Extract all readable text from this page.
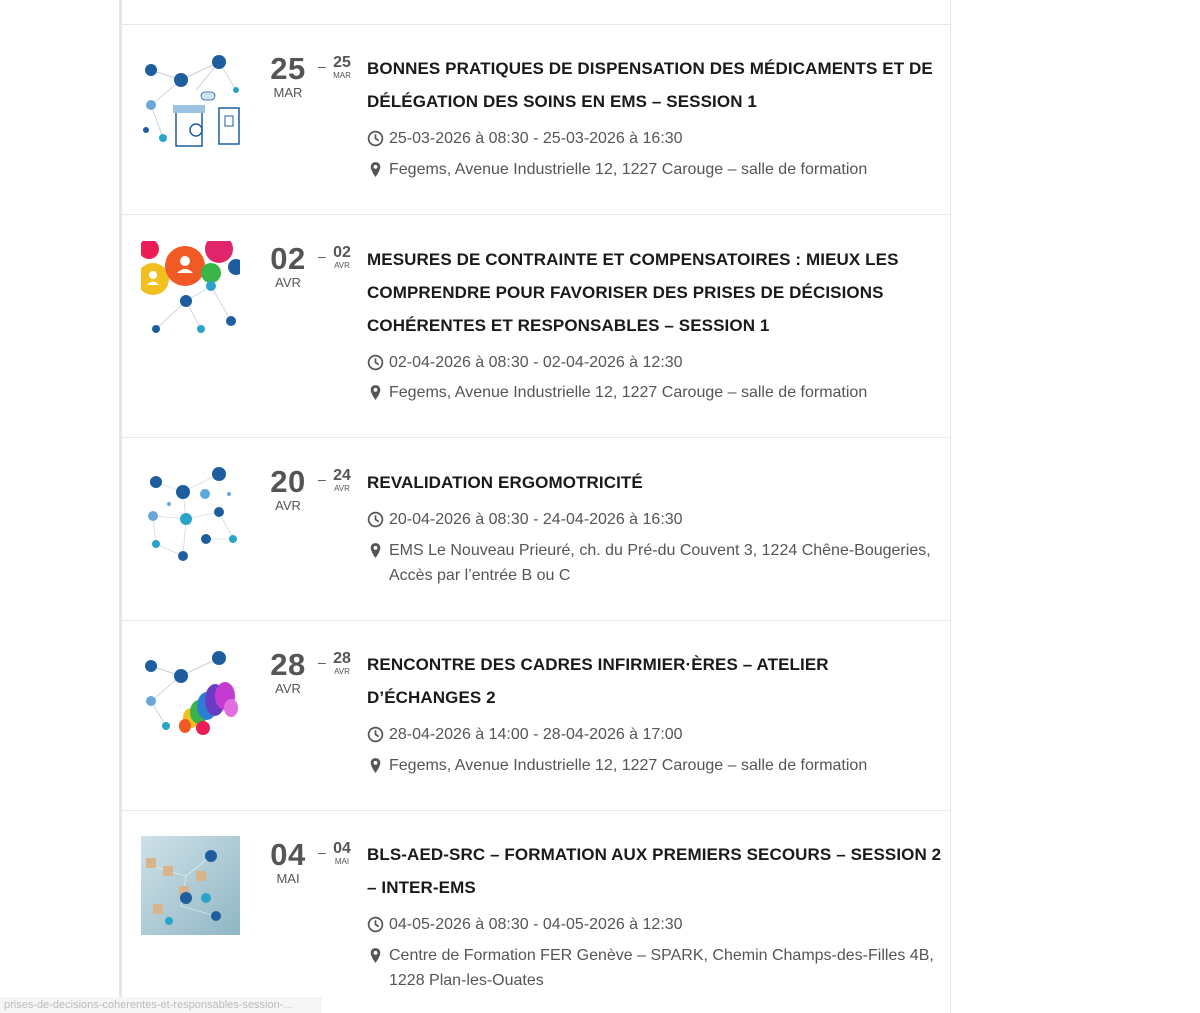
25
MAR
– 25
MAR BONNES PRATIQUES DE DISPENSATION DES MÉDICAMENTS ET DE DÉLÉGATION DES SOINS EN EMS – SESSION 1
25-03-2026 à 08:30 - 25-03-2026 à 16:30
Fegems, Avenue Industrielle 12, 1227 Carouge – salle de formation
02
AVR
– 02
AVR MESURES DE CONTRAINTE ET COMPENSATOIRES : MIEUX LES COMPRENDRE POUR FAVORISER DES PRISES DE DÉCISIONS COHÉRENTES ET RESPONSABLES – SESSION 1
02-04-2026 à 08:30 - 02-04-2026 à 12:30
Fegems, Avenue Industrielle 12, 1227 Carouge – salle de formation
20
AVR
– 24
AVR REVALIDATION ERGOMOTRICITÉ
20-04-2026 à 08:30 - 24-04-2026 à 16:30
EMS Le Nouveau Prieuré, ch. du Pré-du Couvent 3, 1224 Chêne-Bougeries, Accès par l’entrée B ou C
28
AVR
– 28
AVR RENCONTRE DES CADRES INFIRMIER·ÈRES – ATELIER D’ÉCHANGES 2
28-04-2026 à 14:00 - 28-04-2026 à 17:00
Fegems, Avenue Industrielle 12, 1227 Carouge – salle de formation
04
MAI
– 04
MAI	BLS-AED-SRC – FORMATION AUX PREMIERS SECOURS – SESSION 2 – INTER-EMS
04-05-2026 à 08:30 - 04-05-2026 à 12:30
Centre de Formation FER Genève – SPARK, Chemin Champs-des-Filles 4B, 1228 Plan-les-Ouates
prises-de-decisions-coherentes-et-responsables-session-...
